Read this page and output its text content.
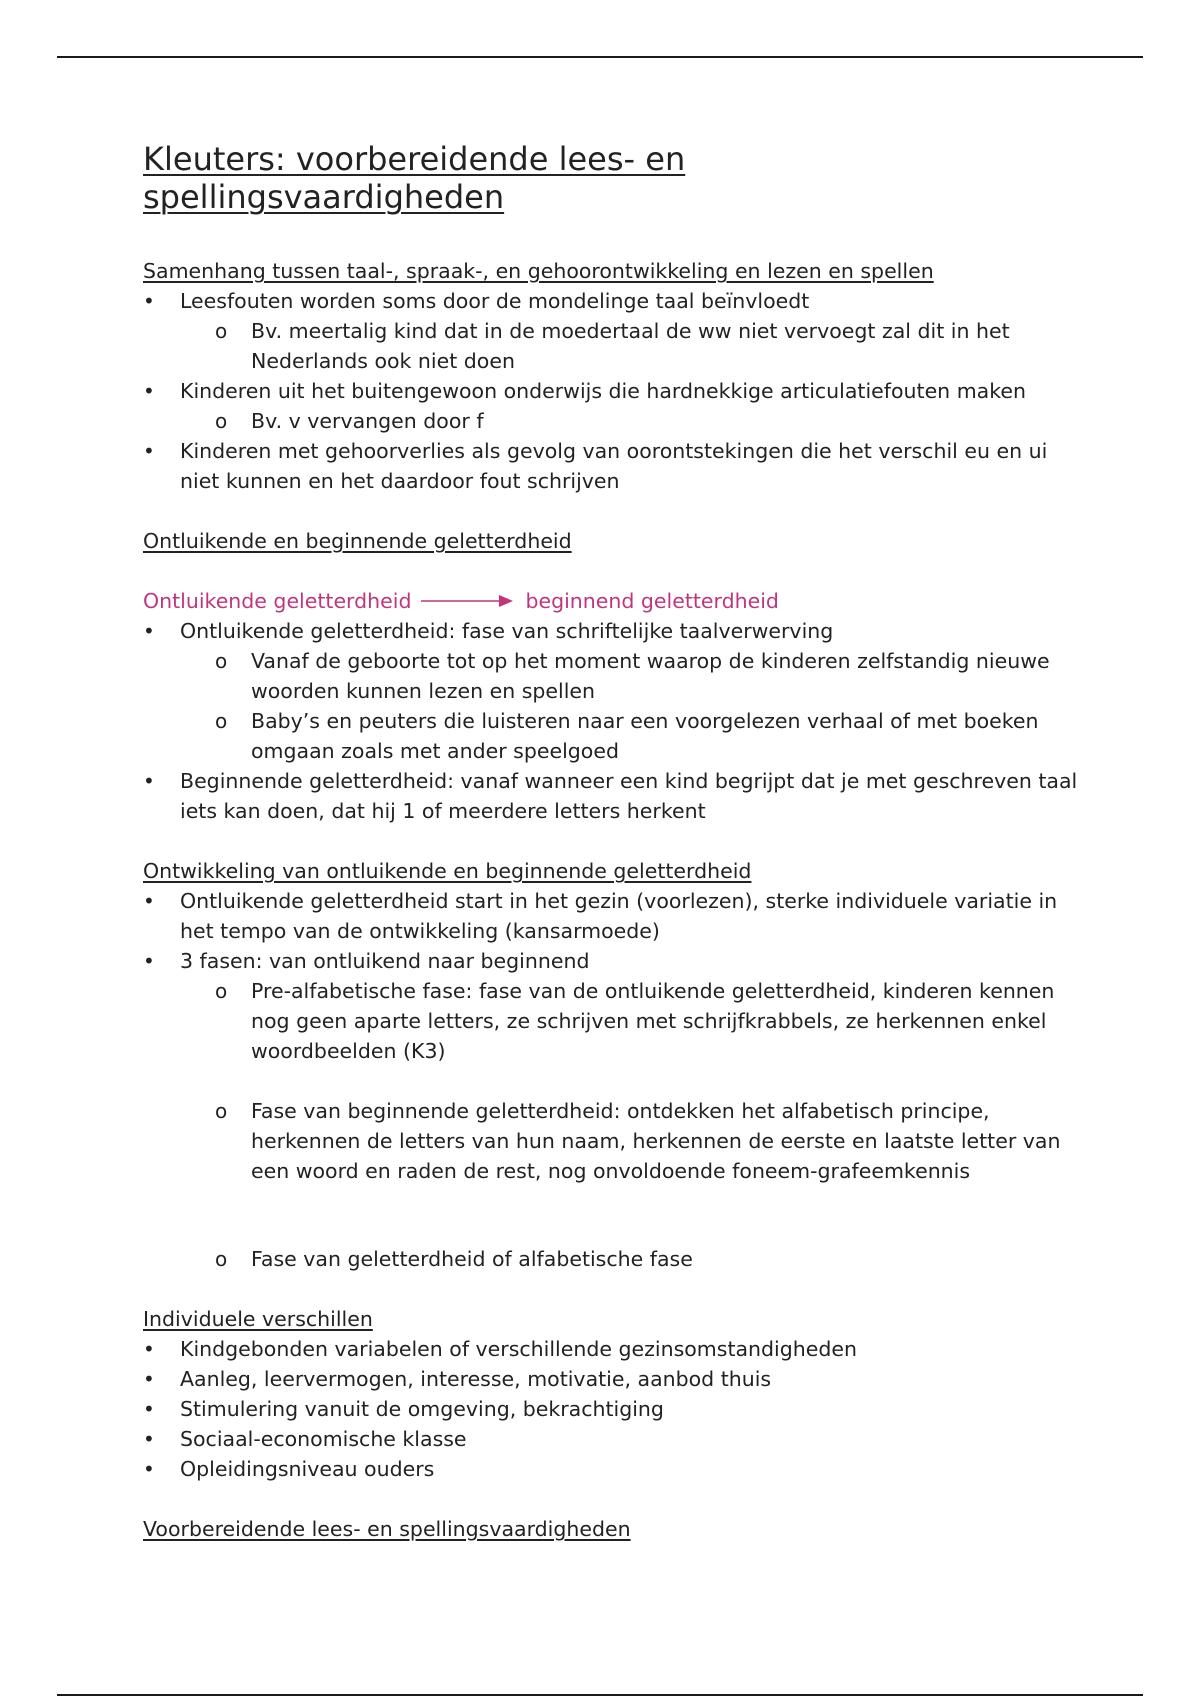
Kleuters: voorbereidende lees- en spellingsvaardigheden
Samenhang tussen taal-, spraak-, en gehoorontwikkeling en lezen en spellen
•	Leesfouten worden soms door de mondelinge taal beïnvloedt
o Bv. meertalig kind dat in de moedertaal de ww niet vervoegt zal dit in het Nederlands ook niet doen
•	Kinderen uit het buitengewoon onderwijs die hardnekkige articulatiefouten maken
o Bv. v vervangen door f
•	Kinderen met gehoorverlies als gevolg van oorontstekingen die het verschil eu en ui niet kunnen en het daardoor fout schrijven
Ontluikende en beginnende geletterdheid
Ontluikende geletterdheid	beginnend geletterdheid
•	Ontluikende geletterdheid: fase van schriftelijke taalverwerving
o Vanaf de geboorte tot op het moment waarop de kinderen zelfstandig nieuwe woorden kunnen lezen en spellen
o Baby’s en peuters die luisteren naar een voorgelezen verhaal of met boeken omgaan zoals met ander speelgoed
•	Beginnende geletterdheid: vanaf wanneer een kind begrijpt dat je met geschreven taal iets kan doen, dat hij 1 of meerdere letters herkent
Ontwikkeling van ontluikende en beginnende geletterdheid
•	Ontluikende geletterdheid start in het gezin (voorlezen), sterke individuele variatie in het tempo van de ontwikkeling (kansarmoede)
•	3 fasen: van ontluikend naar beginnend
o Pre-alfabetische fase: fase van de ontluikende geletterdheid, kinderen kennen nog geen aparte letters, ze schrijven met schrijfkrabbels, ze herkennen enkel woordbeelden (K3)
o Fase van beginnende geletterdheid: ontdekken het alfabetisch principe, herkennen de letters van hun naam, herkennen de eerste en laatste letter van een woord en raden de rest, nog onvoldoende foneem-grafeemkennis
o Fase van geletterdheid of alfabetische fase
Individuele verschillen
•	Kindgebonden variabelen of verschillende gezinsomstandigheden
•	Aanleg, leervermogen, interesse, motivatie, aanbod thuis
•	Stimulering vanuit de omgeving, bekrachtiging
•	Sociaal-economische klasse
•	Opleidingsniveau ouders
Voorbereidende lees- en spellingsvaardigheden
